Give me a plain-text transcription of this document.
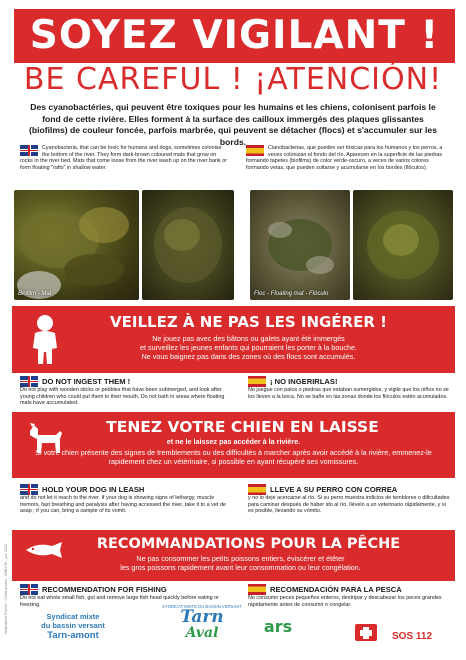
SOYEZ VIGILANT !
BE CAREFUL ! ¡ATENCIÓN!
Des cyanobactéries, qui peuvent être toxiques pour les humains et les chiens, colonisent parfois le fond de cette rivière. Elles forment à la surface des cailloux immergés des plaques glissantes (biofilms) de couleur foncée, parfois marbrée, qui peuvent se détacher (flocs) et s'accumuler sur les bords.
Cyanobacteria, that can be toxic for humans and dogs, sometimes colonise the bottom of the river. They form dark-brown coloured mats that grow on rocks in the river bed. Mats that come loose from the river wash up on the river bank or form floating "rafts" in shallow water.
Cianobacterias, que pueden ser tóxicas para los humanos y los perros, a veces colonizan el fondo del río. Aparecen en la superficie de las piedras formando tapetes (biofilms) de color verde-oscuro, a veces de varios colores formando vetas, que pueden soltarse y acumularse en los bordes (flóculos).
Biofilm - Mat	Floc - Floating mat - Flóculo
VEILLEZ À NE PAS LES INGÉRER !
Ne jouez pas avec des bâtons ou galets ayant été immergés
et surveillez les jeunes enfants qui pourraient les porter à la bouche.
Ne vous baignez pas dans des zones où des flocs sont accumulés.
DO NOT INGEST THEM !
Do not play with wooden sticks or pebbles that have been submerged, and look after young children who could put them to their mouth. Do not bath in areas where floating mats have accumulated.
¡ NO INGERIRLAS!
No juegue con palos o piedras que estaban sumergidos, y vigile que los niños no se los lleven a la boca. No se bañe en las zonas donde los flóculos estén acumulados.
TENEZ VOTRE CHIEN EN LAISSE
et ne le laissez pas accéder à la rivière.
Si votre chien présente des signes de tremblements ou des difficultés à marcher après avoir accédé à la rivière, emmenez-le rapidement chez un vétérinaire, si possible en ayant récupéré ses vomissures.
HOLD YOUR DOG IN LEASH
and do not let it reach to the river. If your dog is showing signs of lethargy, muscle tremors, fast breathing and paralysis after having accessed the river, take it to a vet de asap ; if you can, bring a sample of its vomit.
LLEVE A SU PERRO CON CORREA
y no lo deje acercarse al río. Si su perro muestra indicios de temblores o dificultades para caminar después de haber ido al río, llévelo a un veterinario rápidamente, y si es posible, llevando su vómito.
RECOMMANDATIONS POUR LA PÊCHE
Ne pas consommer les petits poissons entiers, éviscérer et étêter
les gros poissons rapidement avant leur consommation ou leur congélation.
RECOMMENDATION FOR FISHING
Do not eat whole small fish, gut and remove large fish head quickly before eating or freezing.
RECOMENDACIÓN PARA LA PESCA
No consumir peces pequeños enteros, destripar y descabezar los peces grandes rápidamente antes de consumir o congelar.
Syndicat mixte
du bassin versant
Tarn-amont
SYNDICAT MIXTE DU BASSIN VERSANT
Tarn
Aval	ars
SOS 112
Illustrations Rivière - Crédit photos : SMBVTA - juin 2022
